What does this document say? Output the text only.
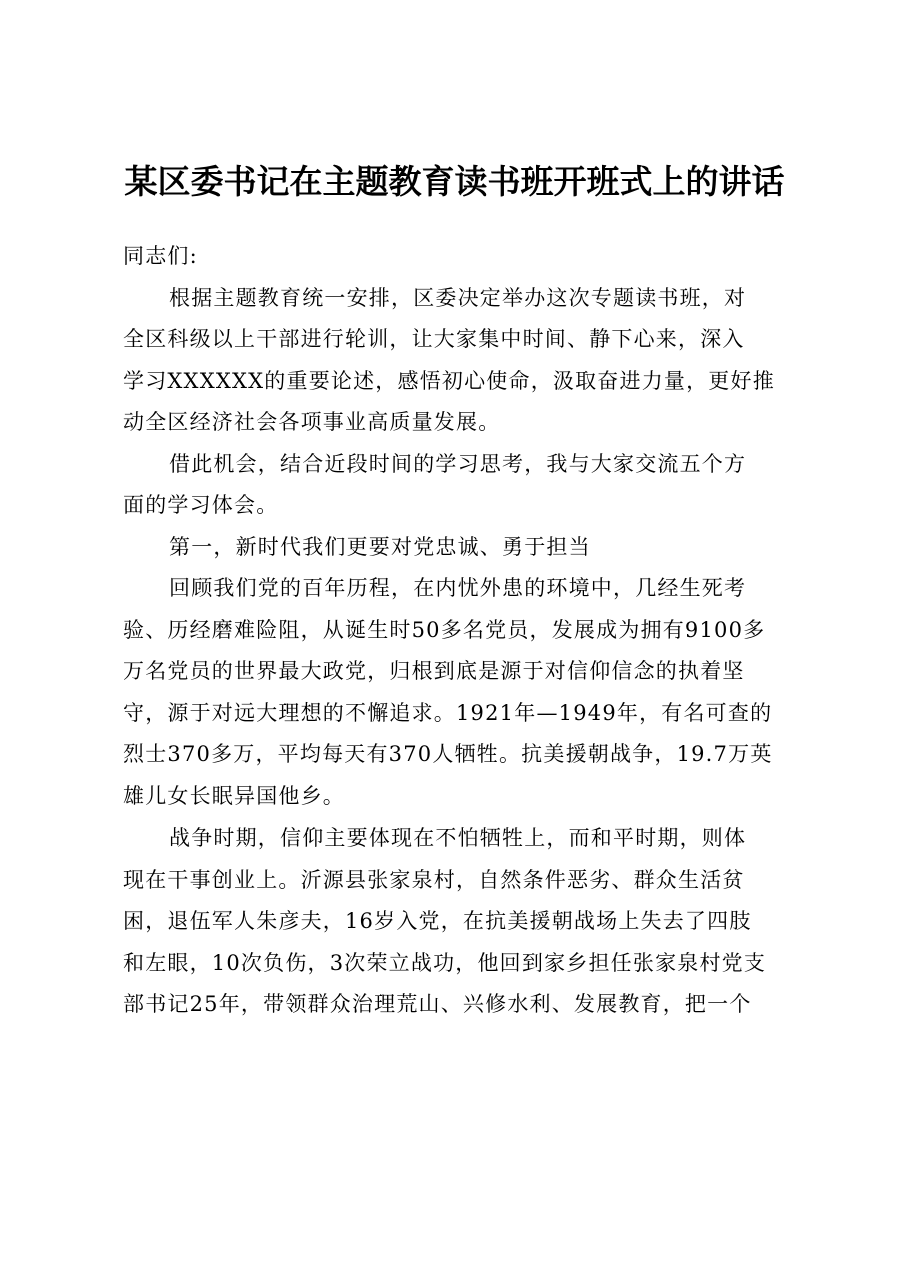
某区委书记在主题教育读书班开班式上的讲话
同志们:
根据主题教育统一安排，区委决定举办这次专题读书班，对
全区科级以上干部进行轮训，让大家集中时间、静下心来，深入
学习XXXXXX的重要论述，感悟初心使命，汲取奋进力量，更好推
动全区经济社会各项事业高质量发展。
借此机会，结合近段时间的学习思考，我与大家交流五个方
面的学习体会。
第一，新时代我们更要对党忠诚、勇于担当
回顾我们党的百年历程，在内忧外患的环境中，几经生死考
验、历经磨难险阻，从诞生时50多名党员，发展成为拥有9100多
万名党员的世界最大政党，归根到底是源于对信仰信念的执着坚
守，源于对远大理想的不懈追求。1921年—1949年，有名可查的
烈士370多万，平均每天有370人牺牲。抗美援朝战争，19.7万英
雄儿女长眠异国他乡。
战争时期，信仰主要体现在不怕牺牲上，而和平时期，则体
现在干事创业上。沂源县张家泉村，自然条件恶劣、群众生活贫
困，退伍军人朱彦夫，16岁入党，在抗美援朝战场上失去了四肢
和左眼，10次负伤，3次荣立战功，他回到家乡担任张家泉村党支
部书记25年，带领群众治理荒山、兴修水利、发展教育，把一个
